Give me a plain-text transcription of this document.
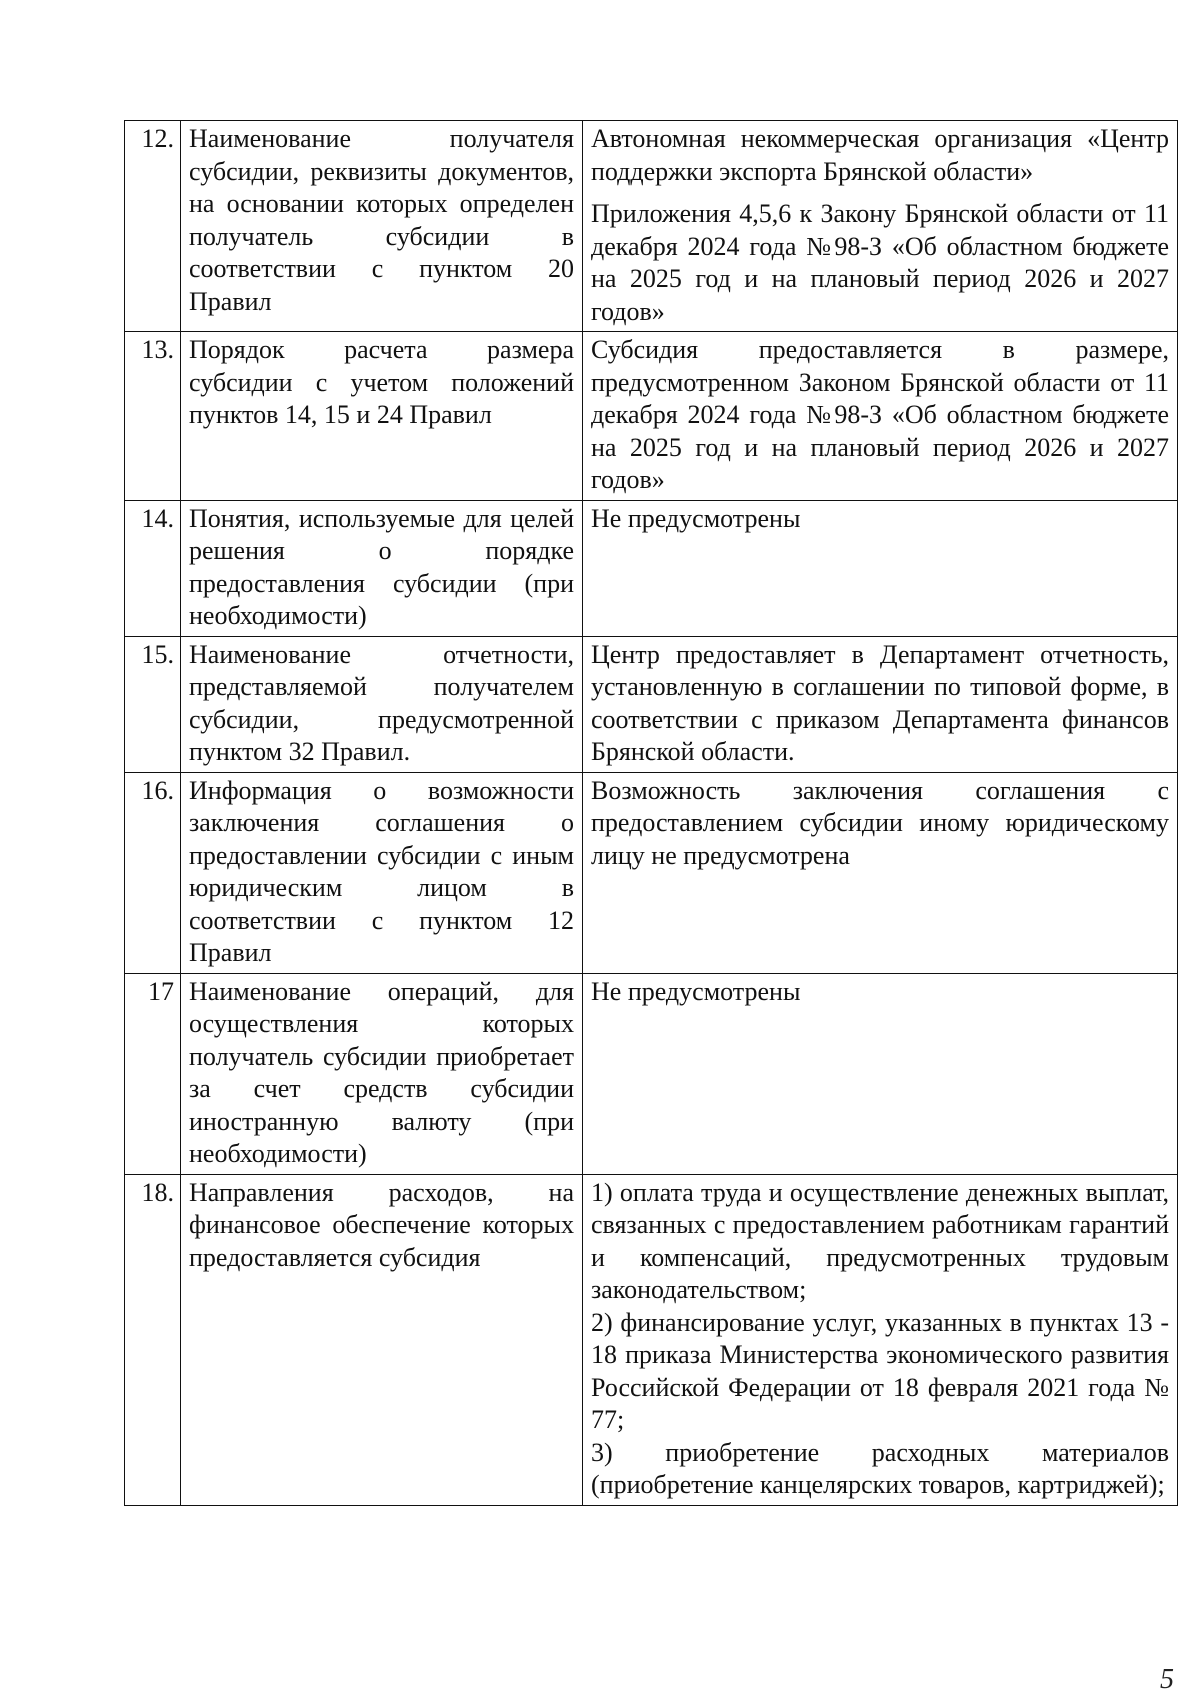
12.	Наименование получателя субсидии, реквизиты документов, на основании которых определен получатель субсидии в соответствии с пунктом 20 Правил	Автономная некоммерческая организация «Центр поддержки экспорта Брянской области»
Приложения 4,5,6 к Закону Брянской области от 11 декабря 2024 года №98-З «Об областном бюджете на 2025 год и на плановый период 2026 и 2027 годов»

13.	Порядок расчета размера субсидии с учетом положений пунктов 14, 15 и 24 Правил	Субсидия предоставляется в размере, предусмотренном Законом Брянской области от 11 декабря 2024 года №98-З «Об областном бюджете на 2025 год и на плановый период 2026 и 2027 годов»

14.	Понятия, используемые для целей решения о порядке предоставления субсидии (при необходимости)	Не предусмотрены

15.	Наименование отчетности, представляемой получателем субсидии, предусмотренной пунктом 32 Правил.	Центр предоставляет в Департамент отчетность, установленную в соглашении по типовой форме, в соответствии с приказом Департамента финансов Брянской области.

16.	Информация о возможности заключения соглашения о предоставлении субсидии с иным юридическим лицом в соответствии с пунктом 12 Правил	Возможность заключения соглашения с предоставлением субсидии иному юридическому лицу не предусмотрена

17	Наименование операций, для осуществления которых получатель субсидии приобретает за счет средств субсидии иностранную валюту (при необходимости)	Не предусмотрены

18.	Направления расходов, на финансовое обеспечение которых предоставляется субсидия	1) оплата труда и осуществление денежных выплат, связанных с предоставлением работникам гарантий и компенсаций, предусмотренных трудовым законодательством;
2) финансирование услуг, указанных в пунктах 13 - 18 приказа Министерства экономического развития Российской Федерации от 18 февраля 2021 года № 77;
3) приобретение расходных материалов (приобретение канцелярских товаров, картриджей);
5
